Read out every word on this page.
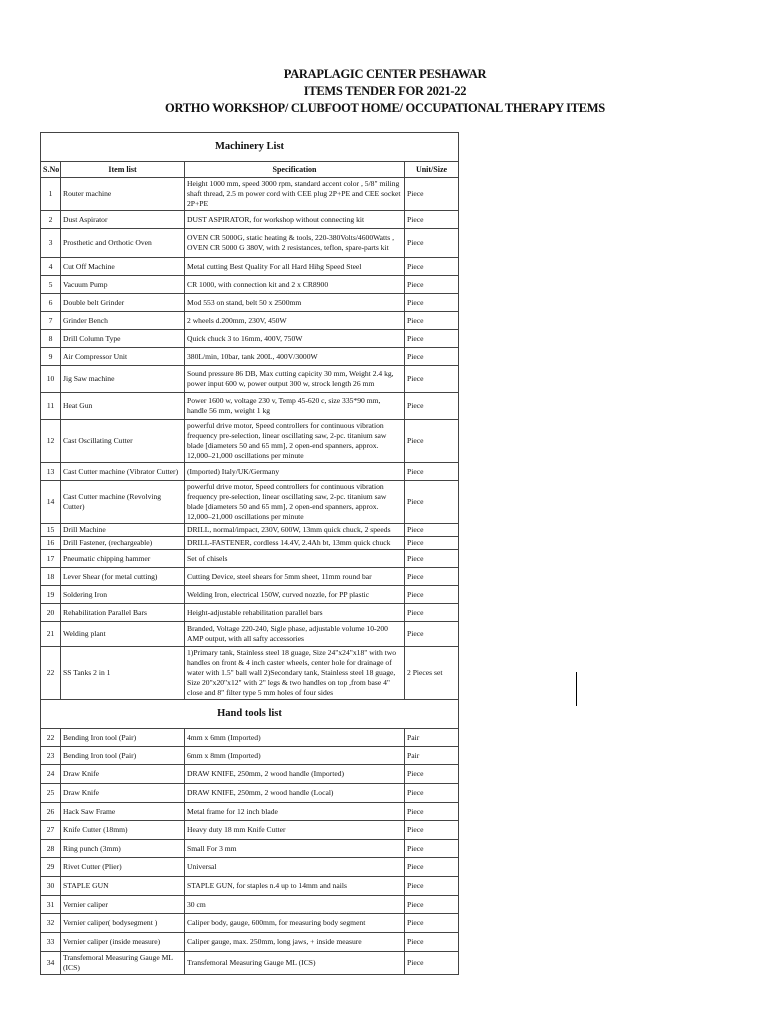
PARAPLAGIC CENTER PESHAWAR
ITEMS TENDER FOR 2021-22
ORTHO WORKSHOP/ CLUBFOOT HOME/ OCCUPATIONAL THERAPY ITEMS
Machinery List			
S.No	Item list	Specification	Unit/Size
1	Router machine	Height 1000 mm, speed 3000 rpm, standard accent color , 5/8" miling shaft thread, 2.5 m power cord with CEE plug 2P+PE and CEE socket 2P+PE	Piece
2	Dust Aspirator	DUST ASPIRATOR, for workshop without connecting kit	Piece
3	Prosthetic and Orthotic Oven	OVEN CR 5000G, static heating & tools, 220-380Volts/4600Watts , OVEN CR 5000 G 380V, with 2 resistances, teflon, spare-parts kit	Piece
4	Cut Off Machine	Metal cutting Best Quality For all Hard Hihg Speed Steel	Piece
5	Vacuum Pump	CR 1000, with connection kit and 2 x CR8900	Piece
6	Double belt Grinder	Mod 553 on stand, belt 50 x 2500mm	Piece
7	Grinder Bench	2 wheels d.200mm, 230V, 450W	Piece
8	Drill Column Type	Quick chuck 3 to 16mm, 400V, 750W	Piece
9	Air Compressor Unit	380L/min, 10bar, tank 200L, 400V/3000W	Piece
10	Jig Saw machine	Sound pressure 86 DB, Max cutting capicity 30 mm, Weight 2.4 kg, power input 600 w, power output 300 w, strock length 26 mm	Piece
11	Heat Gun	Power 1600 w, voltage 230 v, Temp 45-620 c, size 335*90 mm, handle 56 mm, weight 1 kg	Piece
12	Cast Oscillating Cutter	powerful drive motor, Speed controllers for continuous vibration frequency pre-selection, linear oscillating saw, 2-pc. titanium saw blade [diameters 50 and 65 mm], 2 open-end spanners, approx. 12,000–21,000 oscillations per minute	Piece
13	Cast Cutter machine (Vibrator Cutter)	(Imported) Italy/UK/Germany	Piece
14	Cast Cutter machine (Revolving Cutter)	powerful drive motor, Speed controllers for continuous vibration frequency pre-selection, linear oscillating saw, 2-pc. titanium saw blade [diameters 50 and 65 mm], 2 open-end spanners, approx. 12,000–21,000 oscillations per minute	Piece
15	Drill Machine	DRILL, normal/impact, 230V, 600W, 13mm quick chuck, 2 speeds	Piece
16	Drill Fastener, (rechargeable)	DRILL-FASTENER, cordless 14.4V, 2.4Ah bt, 13mm quick chuck	Piece
17	Pneumatic chipping hammer	Set of chisels	Piece
18	Lever Shear (for metal cutting)	Cutting Device, steel shears for 5mm sheet, 11mm round bar	Piece
19	Soldering Iron	Welding Iron, electrical 150W, curved nozzle, for PP plastic	Piece
20	Rehabilitation Parallel Bars	Height-adjustable rehabilitation parallel bars	Piece
21	Welding plant	Branded, Voltage 220-240, Sigle phase, adjustable volume 10-200 AMP output, with all safty accessories	Piece
22	SS Tanks 2 in 1	1)Primary tank, Stainless steel 18 guage, Size 24"x24"x18" with two handles on front & 4 inch caster wheels, center hole for drainage of water with 1.5" ball wall 2)Secondary tank, Stainless steel 18 guage, Size 20"x20"x12" with 2" legs & two handles on top ,from base 4" close and 8" filter type 5 mm holes of four sides	2 Pieces set
Hand tools list			
22	Bending Iron tool (Pair)	4mm x 6mm (Imported)	Pair
23	Bending Iron tool (Pair)	6mm x 8mm (Imported)	Pair
24	Draw Knife	DRAW KNIFE, 250mm, 2 wood handle (Imported)	Piece
25	Draw Knife	DRAW KNIFE, 250mm, 2 wood handle (Local)	Piece
26	Hack Saw Frame	Metal frame for 12 inch blade	Piece
27	Knife Cutter (18mm)	Heavy duty 18 mm Knife Cutter	Piece
28	Ring punch (3mm)	Small For 3 mm	Piece
29	Rivet Cutter (Plier)	Universal	Piece
30	STAPLE GUN	STAPLE GUN, for staples n.4 up to 14mm and nails	Piece
31	Vernier caliper	30 cm	Piece
32	Vernier caliper( bodysegment )	Caliper body, gauge, 600mm, for measuring body segment	Piece
33	Vernier caliper (inside measure)	Caliper gauge, max. 250mm, long jaws, + inside measure	Piece
34	Transfemoral Measuring Gauge ML (ICS)	Transfemoral Measuring Gauge ML (ICS)	Piece
